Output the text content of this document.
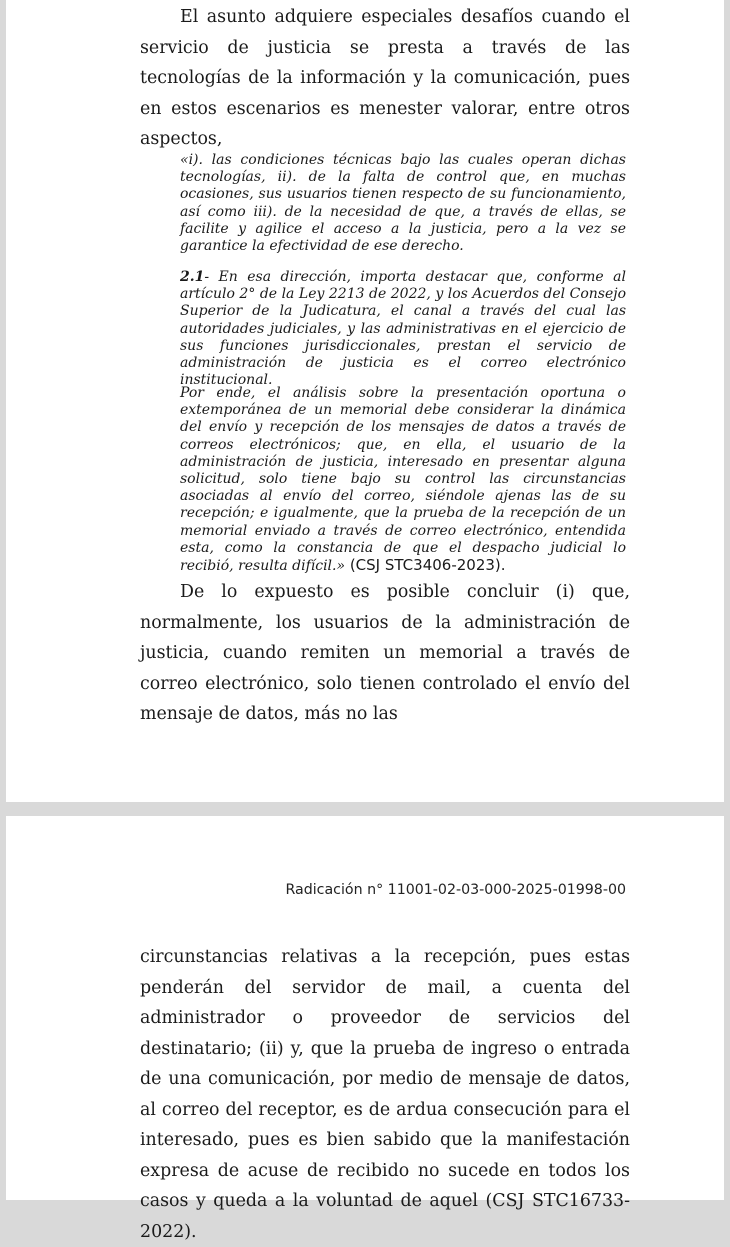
El asunto adquiere especiales desafíos cuando el servicio de justicia se presta a través de las tecnologías de la información y la comunicación, pues en estos escenarios es menester valorar, entre otros aspectos,

«i). las condiciones técnicas bajo las cuales operan dichas tecnologías, ii). de la falta de control que, en muchas ocasiones, sus usuarios tienen respecto de su funcionamiento, así como iii). de la necesidad de que, a través de ellas, se facilite y agilice el acceso a la justicia, pero a la vez se garantice la efectividad de ese derecho.

2.1- En esa dirección, importa destacar que, conforme al artículo 2° de la Ley 2213 de 2022, y los Acuerdos del Consejo Superior de la Judicatura, el canal a través del cual las autoridades judiciales, y las administrativas en el ejercicio de sus funciones jurisdiccionales, prestan el servicio de administración de justicia es el correo electrónico institucional.

Por ende, el análisis sobre la presentación oportuna o extemporánea de un memorial debe considerar la dinámica del envío y recepción de los mensajes de datos a través de correos electrónicos; que, en ella, el usuario de la administración de justicia, interesado en presentar alguna solicitud, solo tiene bajo su control las circunstancias asociadas al envío del correo, siéndole ajenas las de su recepción; e igualmente, que la prueba de la recepción de un memorial enviado a través de correo electrónico, entendida esta, como la constancia de que el despacho judicial lo recibió, resulta difícil.» (CSJ STC3406-2023).

De lo expuesto es posible concluir (i) que, normalmente, los usuarios de la administración de justicia, cuando remiten un memorial a través de correo electrónico, solo tienen controlado el envío del mensaje de datos, más no las

Radicación n° 11001-02-03-000-2025-01998-00

circunstancias relativas a la recepción, pues estas penderán del servidor de mail, a cuenta del administrador o proveedor de servicios del destinatario; (ii) y, que la prueba de ingreso o entrada de una comunicación, por medio de mensaje de datos, al correo del receptor, es de ardua consecución para el interesado, pues es bien sabido que la manifestación expresa de acuse de recibido no sucede en todos los casos y queda a la voluntad de aquel (CSJ STC16733-2022).
